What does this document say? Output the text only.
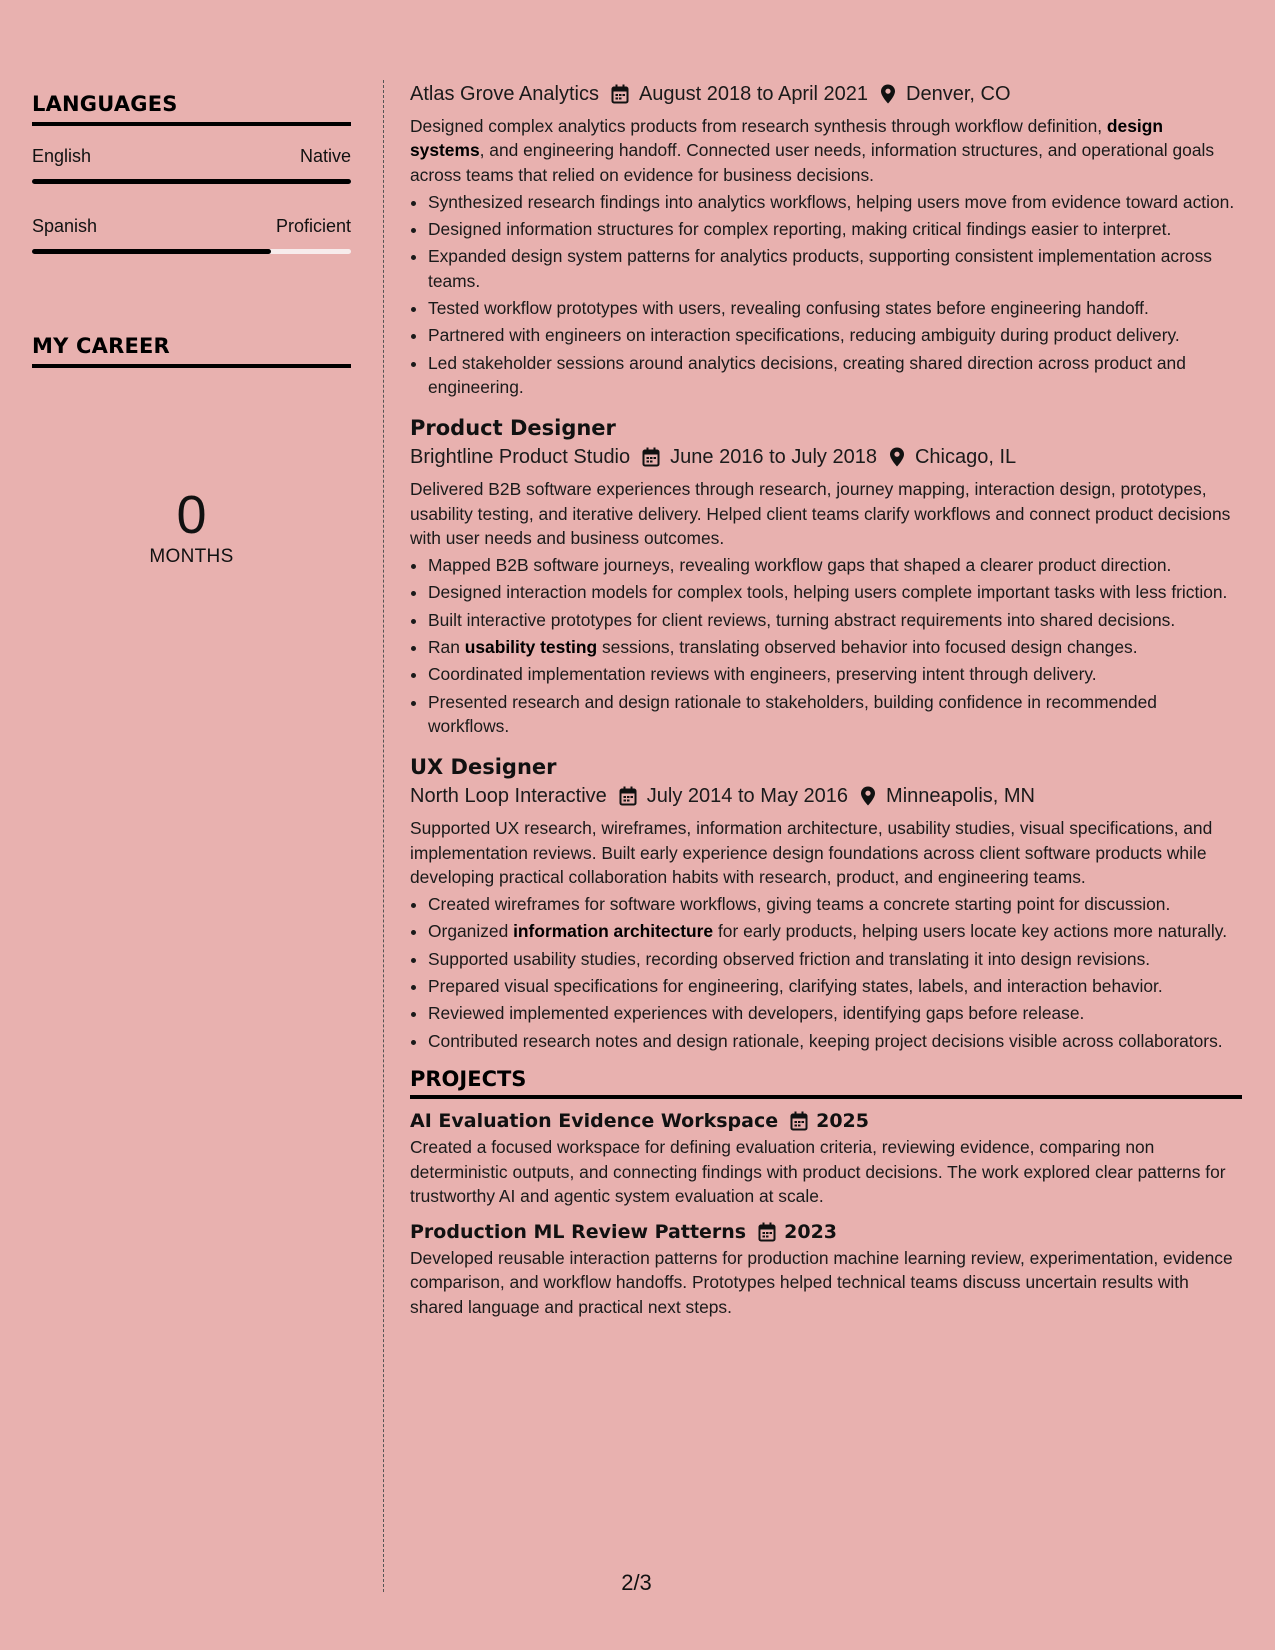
LANGUAGES
English	Native
Spanish	Proficient
MY CAREER
0
MONTHS
Atlas Grove Analytics August 2018 to April 2021 Denver, CO

Designed complex analytics products from research synthesis through workflow definition, design systems, and engineering handoff. Connected user needs, information structures, and operational goals across teams that relied on evidence for business decisions.

• Synthesized research findings into analytics workflows, helping users move from evidence toward action.
• Designed information structures for complex reporting, making critical findings easier to interpret.
• Expanded design system patterns for analytics products, supporting consistent implementation across teams.
• Tested workflow prototypes with users, revealing confusing states before engineering handoff.
• Partnered with engineers on interaction specifications, reducing ambiguity during product delivery.
• Led stakeholder sessions around analytics decisions, creating shared direction across product and engineering.
Product Designer
Brightline Product Studio June 2016 to July 2018 Chicago, IL

Delivered B2B software experiences through research, journey mapping, interaction design, prototypes, usability testing, and iterative delivery. Helped client teams clarify workflows and connect product decisions with user needs and business outcomes.

• Mapped B2B software journeys, revealing workflow gaps that shaped a clearer product direction.
• Designed interaction models for complex tools, helping users complete important tasks with less friction.
• Built interactive prototypes for client reviews, turning abstract requirements into shared decisions.
• Ran usability testing sessions, translating observed behavior into focused design changes.
• Coordinated implementation reviews with engineers, preserving intent through delivery.
• Presented research and design rationale to stakeholders, building confidence in recommended workflows.
UX Designer
North Loop Interactive July 2014 to May 2016 Minneapolis, MN

Supported UX research, wireframes, information architecture, usability studies, visual specifications, and implementation reviews. Built early experience design foundations across client software products while developing practical collaboration habits with research, product, and engineering teams.

• Created wireframes for software workflows, giving teams a concrete starting point for discussion.
• Organized information architecture for early products, helping users locate key actions more naturally.
• Supported usability studies, recording observed friction and translating it into design revisions.
• Prepared visual specifications for engineering, clarifying states, labels, and interaction behavior.
• Reviewed implemented experiences with developers, identifying gaps before release.
• Contributed research notes and design rationale, keeping project decisions visible across collaborators.
PROJECTS
AI Evaluation Evidence Workspace 2025

Created a focused workspace for defining evaluation criteria, reviewing evidence, comparing non deterministic outputs, and connecting findings with product decisions. The work explored clear patterns for trustworthy AI and agentic system evaluation at scale.

Production ML Review Patterns 2023

Developed reusable interaction patterns for production machine learning review, experimentation, evidence comparison, and workflow handoffs. Prototypes helped technical teams discuss uncertain results with shared language and practical next steps.

2/3
